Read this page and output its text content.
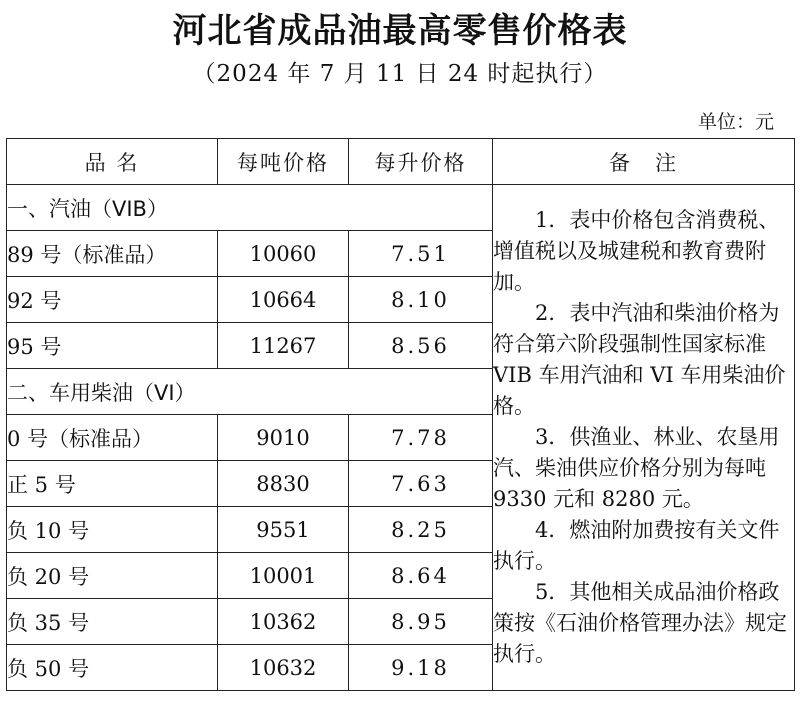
河北省成品油最高零售价格表
（2024 年 7 月 11 日 24 时起执行）
单位：元
品 名	每吨价格	每升价格	备　注
一、汽油（VIB）			1．表中价格包含消费税、增值税以及城建税和教育费附加。
2．表中汽油和柴油价格为符合第六阶段强制性国家标准 VIB 车用汽油和 VI 车用柴油价格。
3．供渔业、林业、农垦用汽、柴油供应价格分别为每吨 9330 元和 8280 元。
4．燃油附加费按有关文件执行。
5．其他相关成品油价格政策按《石油价格管理办法》规定执行。

89 号（标准品）	10060	7.51	
92 号	10664	8.10	
95 号	11267	8.56	
二、车用柴油（VI）			
0 号（标准品）	9010	7.78	
正 5 号	8830	7.63	
负 10 号	9551	8.25	
负 20 号	10001	8.64	
负 35 号	10362	8.95	
负 50 号	10632	9.18	
